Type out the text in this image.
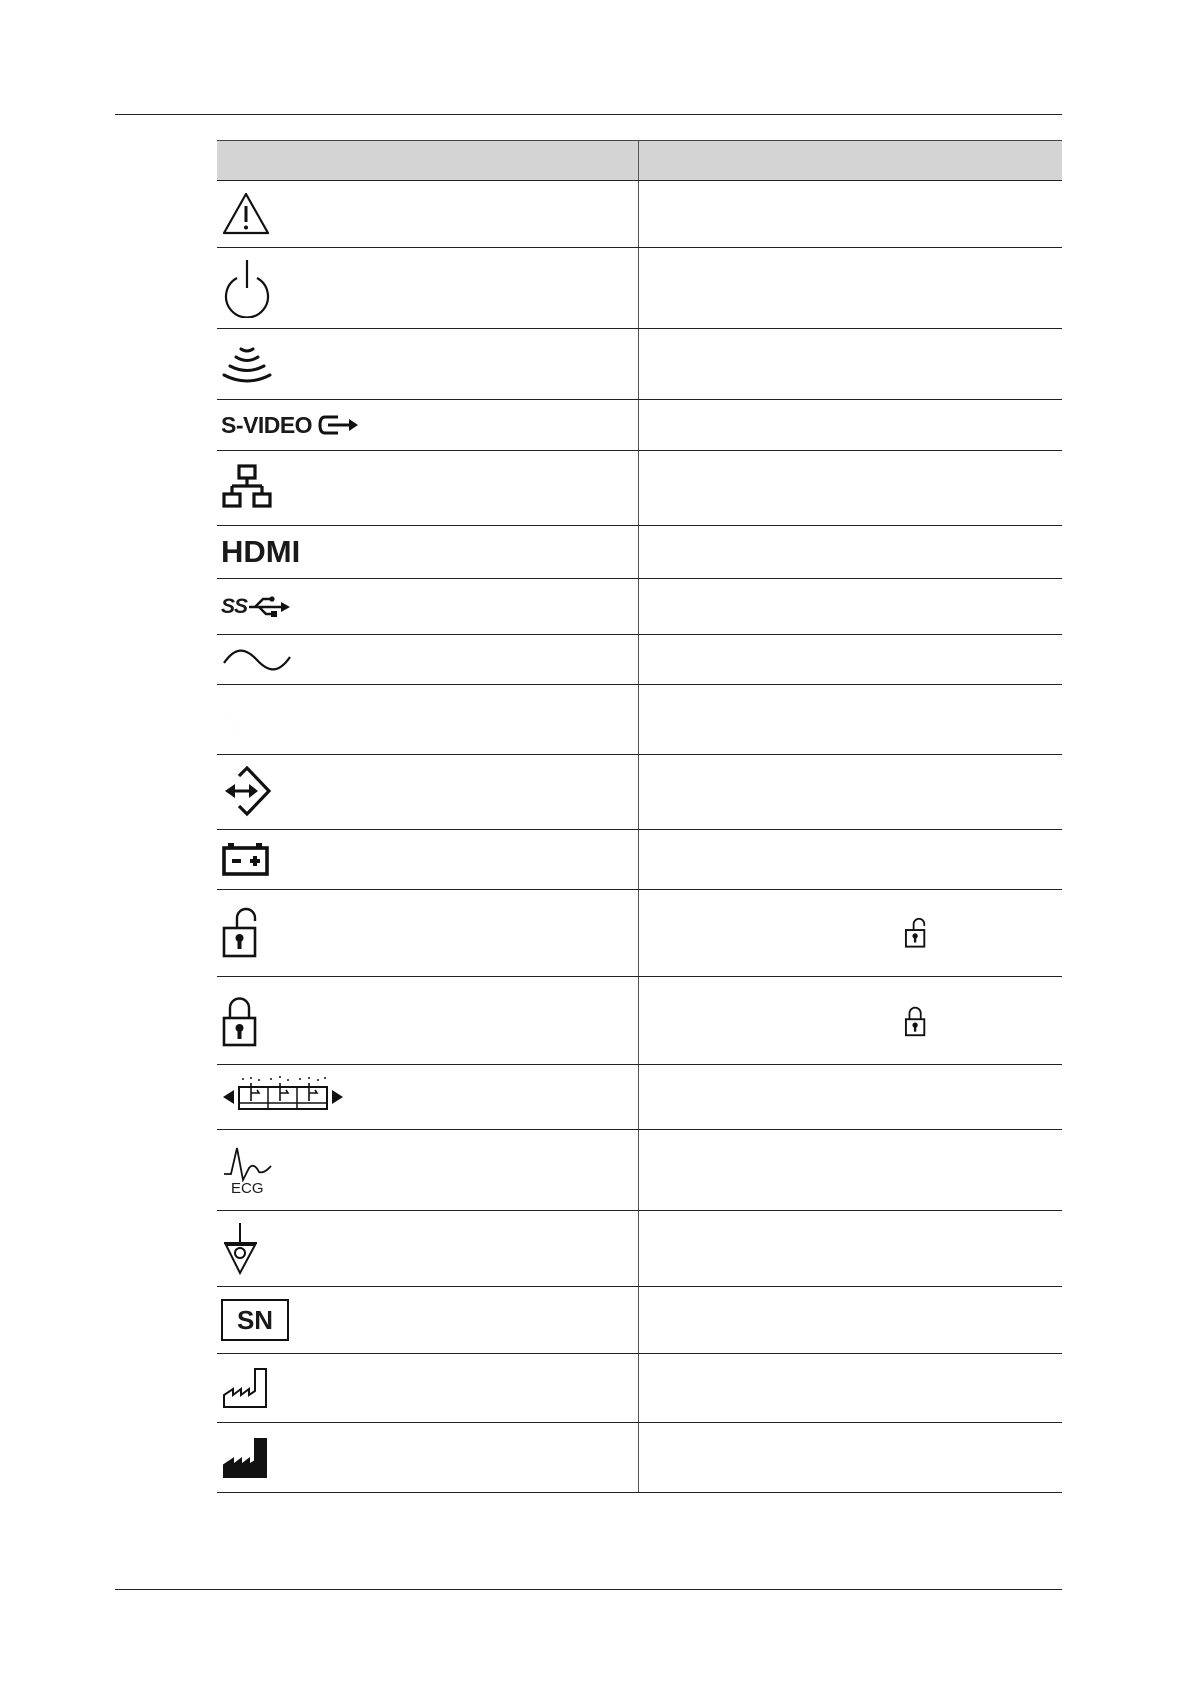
S-VIDEO
HDMI
SS
ECG
SN
